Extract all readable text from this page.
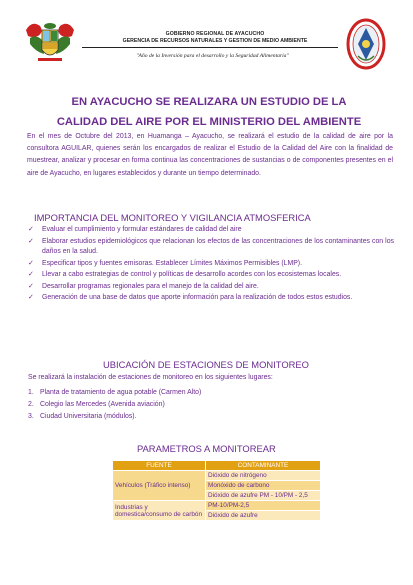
GOBIERNO REGIONAL DE AYACUCHO
GERENCIA DE RECURSOS NATURALES Y GESTION DE MEDIO AMBIENTE
"Año de la Inversión para el desarrollo y la Seguridad Alimentaria"
EN AYACUCHO SE REALIZARA UN ESTUDIO DE LA
CALIDAD DEL AIRE POR EL MINISTERIO DEL AMBIENTE
En el mes de Octubre del 2013, en Huamanga – Ayacucho, se realizará el estudio de la calidad de aire por la consultora AGUILAR, quienes serán los encargados de realizar el Estudio de la Calidad del Aire con la finalidad de muestrear, analizar y procesar en forma continua las concentraciones de sustancias o de componentes presentes en el aire de Ayacucho, en lugares establecidos y durante un tiempo determinado.
IMPORTANCIA DEL MONITOREO Y VIGILANCIA ATMOSFERICA
✓ Evaluar el cumplimiento y formular estándares de calidad del aire
✓ Elaborar estudios epidemiológicos que relacionan los efectos de las concentraciones de los contaminantes con los daños en la salud.
✓ Especificar tipos y fuentes emisoras. Establecer Límites Máximos Permisibles (LMP).
✓ Llevar a cabo estrategias de control y políticas de desarrollo acordes con los ecosistemas locales.
✓ Desarrollar programas regionales para el manejo de la calidad del aire.
✓ Generación de una base de datos que aporte información para la realización de todos estos estudios.
UBICACIÓN DE ESTACIONES DE MONITOREO
Se realizará la instalación de estaciones de monitoreo en los siguientes lugares:
1. Planta de tratamiento de agua potable (Carmen Alto)
2. Colegio las Mercedes (Avenida aviación)
3. Ciudad Universitaria (módulos).
PARAMETROS A MONITOREAR
FUENTE	CONTAMINANTE
Vehículos (Tráfico intenso)	Dióxido de nitrógeno
	Monóxido de carbono
	Dióxido de azufre PM - 10/PM - 2,5
Industrias y domestica/consumo de carbón	PM-10/PM-2,5
	Dióxido de azufre
